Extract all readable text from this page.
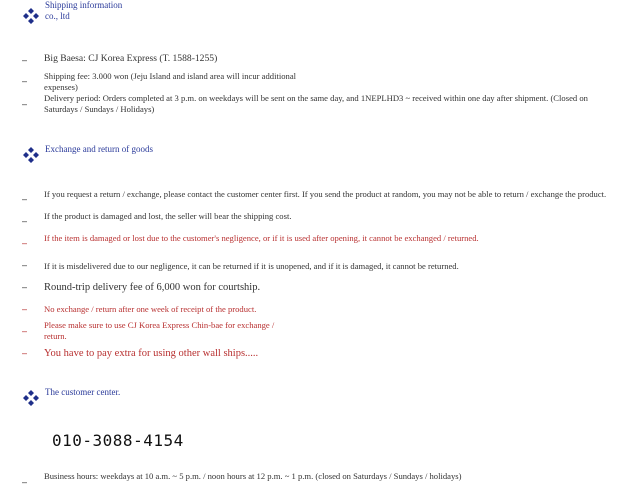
Shipping information co., ltd
– Big Baesa: CJ Korea Express (T. 1588-1255)
– Shipping fee: 3.000 won (Jeju Island and island area will incur additional expenses)
–
Delivery period: Orders completed at 3 p.m. on weekdays will be sent on the same day, and 1NEPLHD3 ~ received within one day after shipment. (Closed on Saturdays / Sundays / Holidays)
Exchange and return of goods
– If you request a return / exchange, please contact the customer center first. If you send the product at random, you may not be able to return / exchange the product.
– If the product is damaged and lost, the seller will bear the shipping cost.
– If the item is damaged or lost due to the customer's negligence, or if it is used after opening, it cannot be exchanged / returned.
– If it is misdelivered due to our negligence, it can be returned if it is unopened, and if it is damaged, it cannot be returned.
– Round-trip delivery fee of 6,000 won for courtship.
– No exchange / return after one week of receipt of the product.
–
Please make sure to use CJ Korea Express Chin-bae for exchange / return.
– You have to pay extra for using other wall ships.....
The customer center.
010-3088-4154
–
Business hours: weekdays at 10 a.m. ~ 5 p.m. / noon hours at 12 p.m. ~ 1 p.m. (closed on Saturdays / Sundays / holidays)
